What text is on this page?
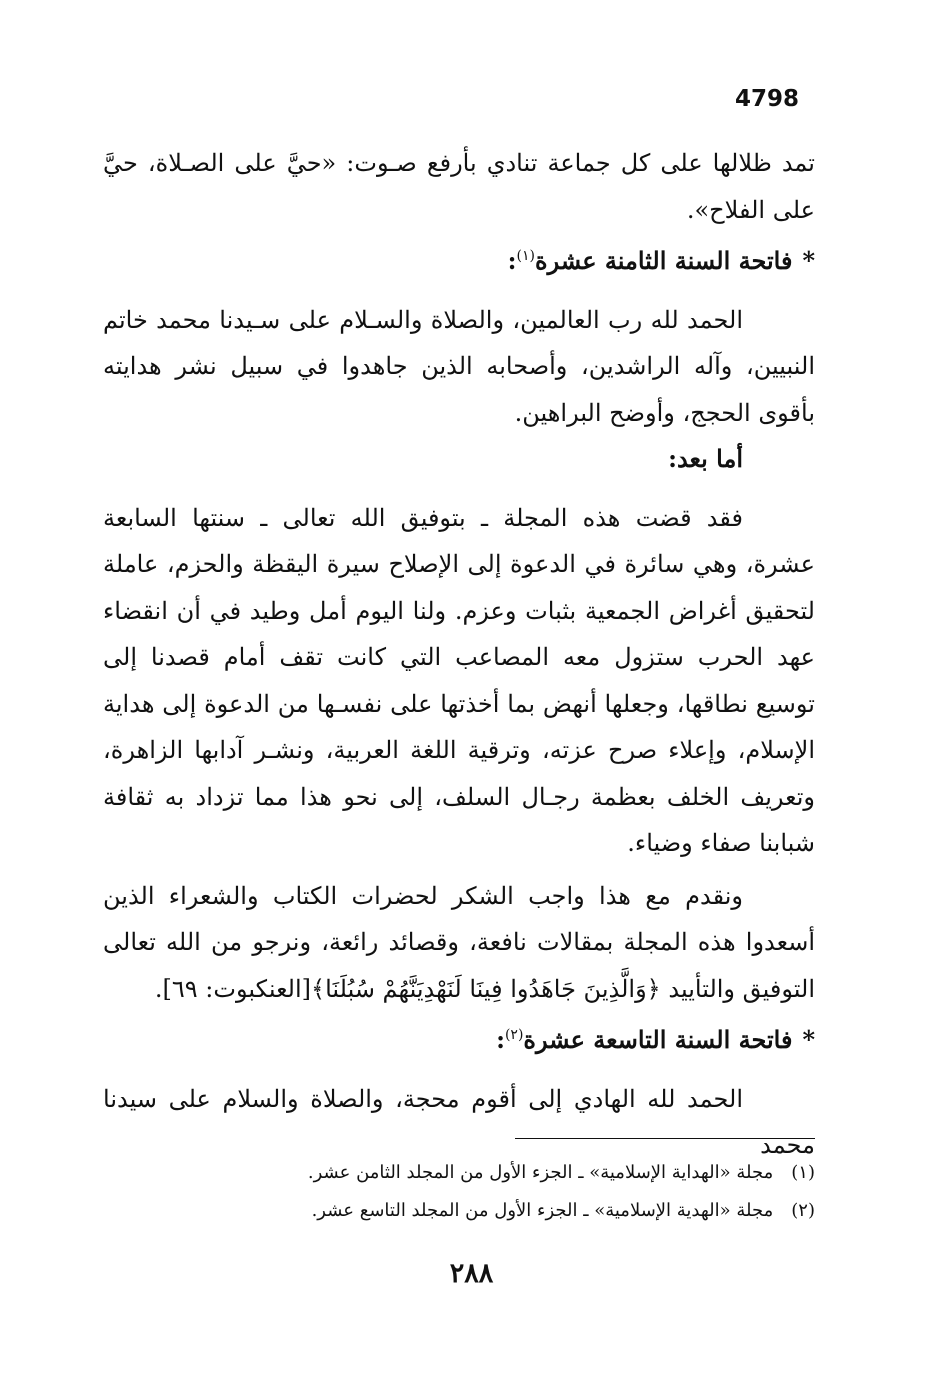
4798

تمد ظلالها على كل جماعة تنادي بأرفع صـوت: «حيَّ على الصـلاة، حيَّ على الفلاح».

*فاتحة السنة الثامنة عشرة$^{(١)}$:

الحمد لله رب العالمين، والصلاة والسـلام على سـيدنا محمد خاتم النبيين، وآله الراشدين، وأصحابه الذين جاهدوا في سبيل نشر هدايته بأقوى الحجج، وأوضح البراهين.

أما بعد:

فقد قضت هذه المجلة ـ بتوفيق الله تعالى ـ سنتها السابعة عشرة، وهي سائرة في الدعوة إلى الإصلاح سيرة اليقظة والحزم، عاملة لتحقيق أغراض الجمعية بثبات وعزم. ولنا اليوم أمل وطيد في أن انقضاء عهد الحرب ستزول معه المصاعب التي كانت تقف أمام قصدنا إلى توسيع نطاقها، وجعلها أنهض بما أخذتها على نفسـها من الدعوة إلى هداية الإسلام، وإعلاء صرح عزته، وترقية اللغة العربية، ونشـر آدابها الزاهرة، وتعريف الخلف بعظمة رجـال السلف، إلى نحو هذا مما تزداد به ثقافة شبابنا صفاء وضياء.

ونقدم مع هذا واجب الشكر لحضرات الكتاب والشعراء الذين أسعدوا هذه المجلة بمقالات نافعة، وقصائد رائعة، ونرجو من الله تعالى التوفيق والتأييد ﴿وَالَّذِينَ جَاهَدُوا فِينَا لَنَهْدِيَنَّهُمْ سُبُلَنَا﴾[العنكبوت: ٦٩].

*فاتحة السنة التاسعة عشرة$^{(٢)}$:

الحمد لله الهادي إلى أقوم محجة، والصلاة والسلام على سيدنا محمد

(١)مجلة «الهداية الإسلامية» ـ الجزء الأول من المجلد الثامن عشر.
(٢)مجلة «الهدية الإسلامية» ـ الجزء الأول من المجلد التاسع عشر.
٢٨٨
